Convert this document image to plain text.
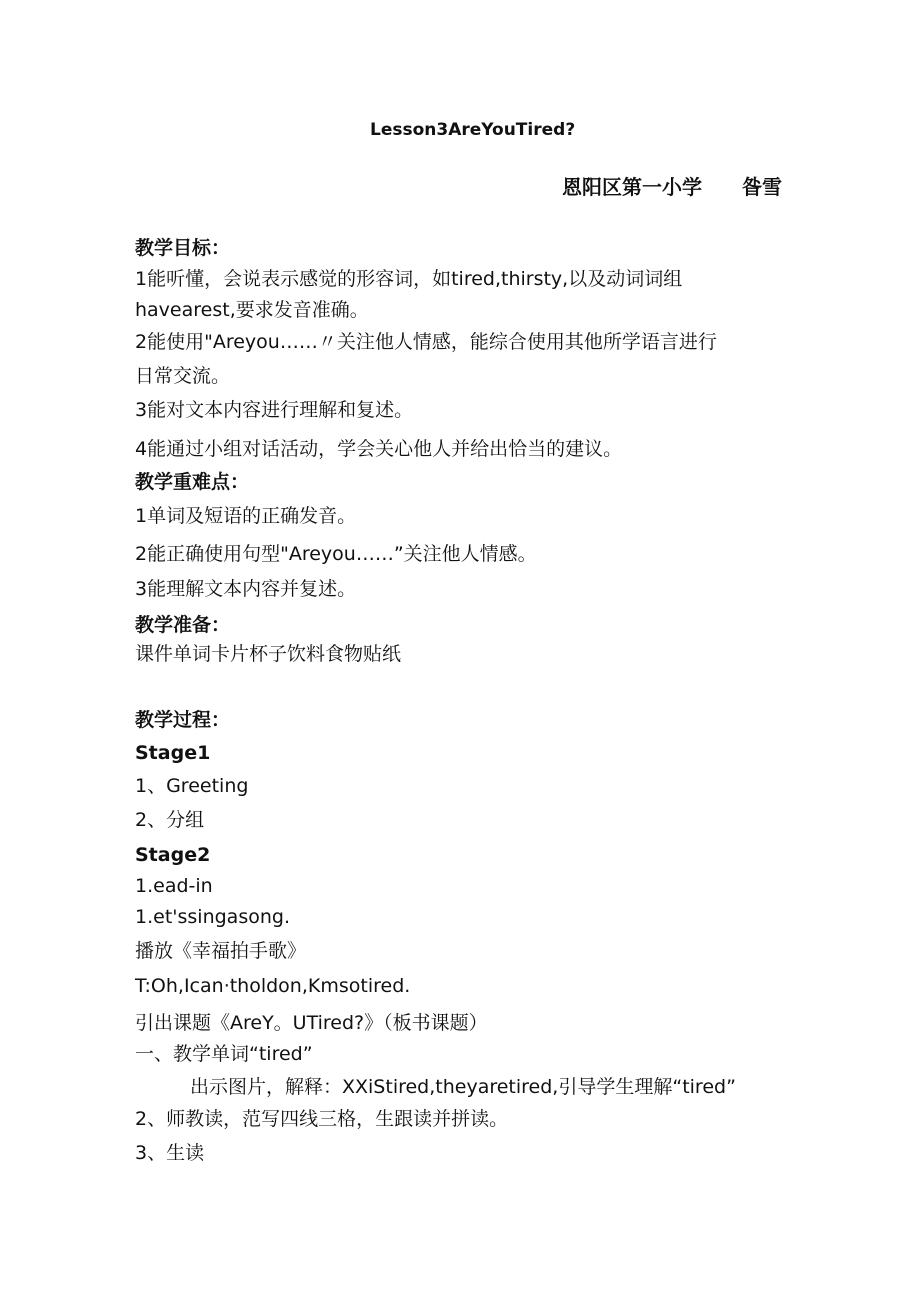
Lesson3AreYouTired?
恩阳区第一小学　　昝雪
教学目标：
1能听懂，会说表示感觉的形容词，如tired,thirsty,以及动词词组
havearest,要求发音准确。
2能使用"Areyou……〃关注他人情感，能综合使用其他所学语言进行
日常交流。
3能对文本内容进行理解和复述。
4能通过小组对话活动，学会关心他人并给出恰当的建议。
教学重难点：
1单词及短语的正确发音。
2能正确使用句型"Areyou……”关注他人情感。
3能理解文本内容并复述。
教学准备：
课件单词卡片杯子饮料食物贴纸
教学过程：
Stage1
1、Greeting
2、分组
Stage2
1.ead-in
1.et'ssingasong.
播放《幸福拍手歌》
T:Oh,Ican·tholdon,Kmsotired.
引出课题《AreY。UTired?》（板书课题）
一、教学单词“tired”
出示图片，解释：XXiStired,theyaretired,引导学生理解“tired”
2、师教读，范写四线三格，生跟读并拼读。
3、生读
